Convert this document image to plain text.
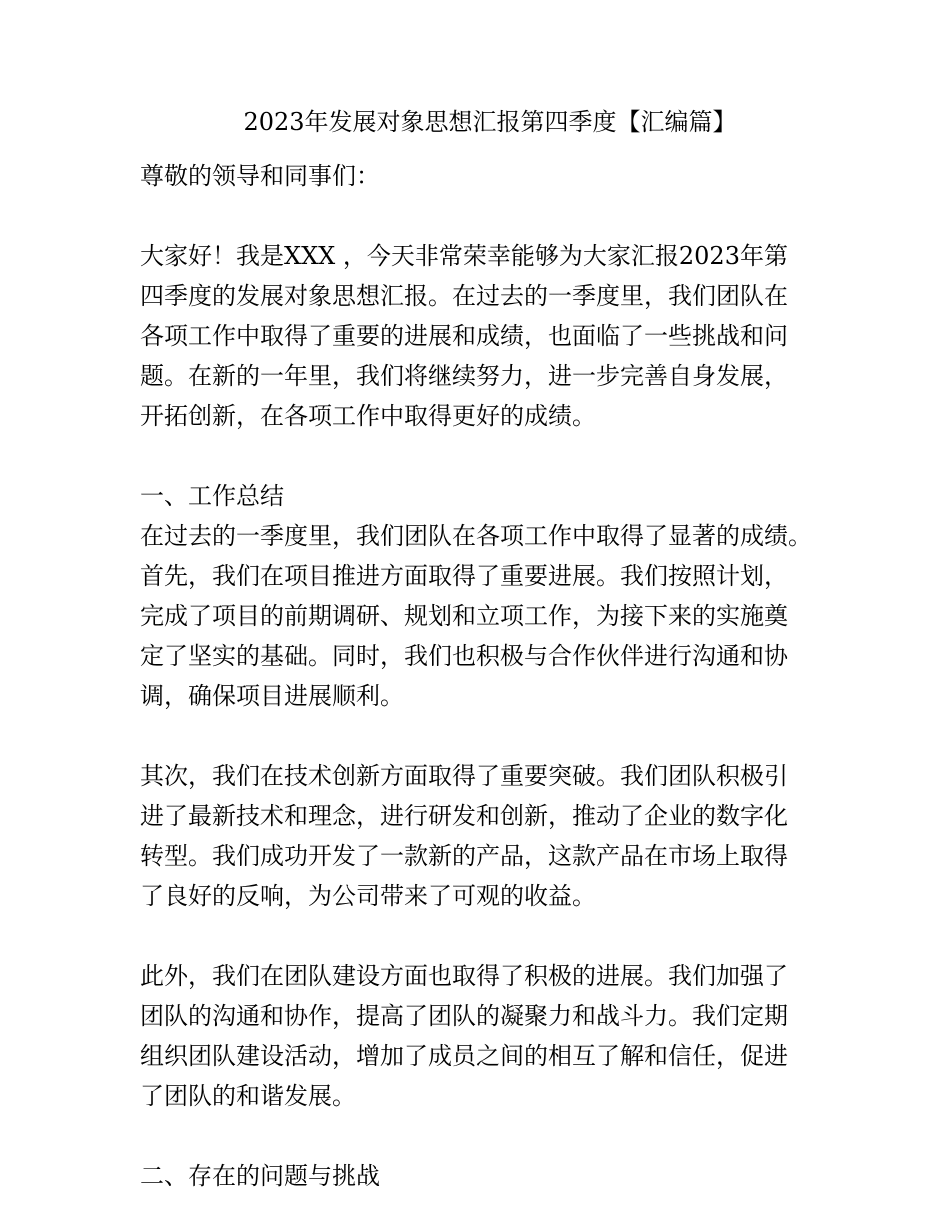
2023年发展对象思想汇报第四季度【汇编篇】
尊敬的领导和同事们：
大家好！我是XXX ，今天非常荣幸能够为大家汇报2023年第
四季度的发展对象思想汇报。在过去的一季度里，我们团队在
各项工作中取得了重要的进展和成绩，也面临了一些挑战和问
题。在新的一年里，我们将继续努力，进一步完善自身发展，
开拓创新，在各项工作中取得更好的成绩。
一、工作总结
在过去的一季度里，我们团队在各项工作中取得了显著的成绩。
首先，我们在项目推进方面取得了重要进展。我们按照计划，
完成了项目的前期调研、规划和立项工作，为接下来的实施奠
定了坚实的基础。同时，我们也积极与合作伙伴进行沟通和协
调，确保项目进展顺利。
其次，我们在技术创新方面取得了重要突破。我们团队积极引
进了最新技术和理念，进行研发和创新，推动了企业的数字化
转型。我们成功开发了一款新的产品，这款产品在市场上取得
了良好的反响，为公司带来了可观的收益。
此外，我们在团队建设方面也取得了积极的进展。我们加强了
团队的沟通和协作，提高了团队的凝聚力和战斗力。我们定期
组织团队建设活动，增加了成员之间的相互了解和信任，促进
了团队的和谐发展。
二、存在的问题与挑战
